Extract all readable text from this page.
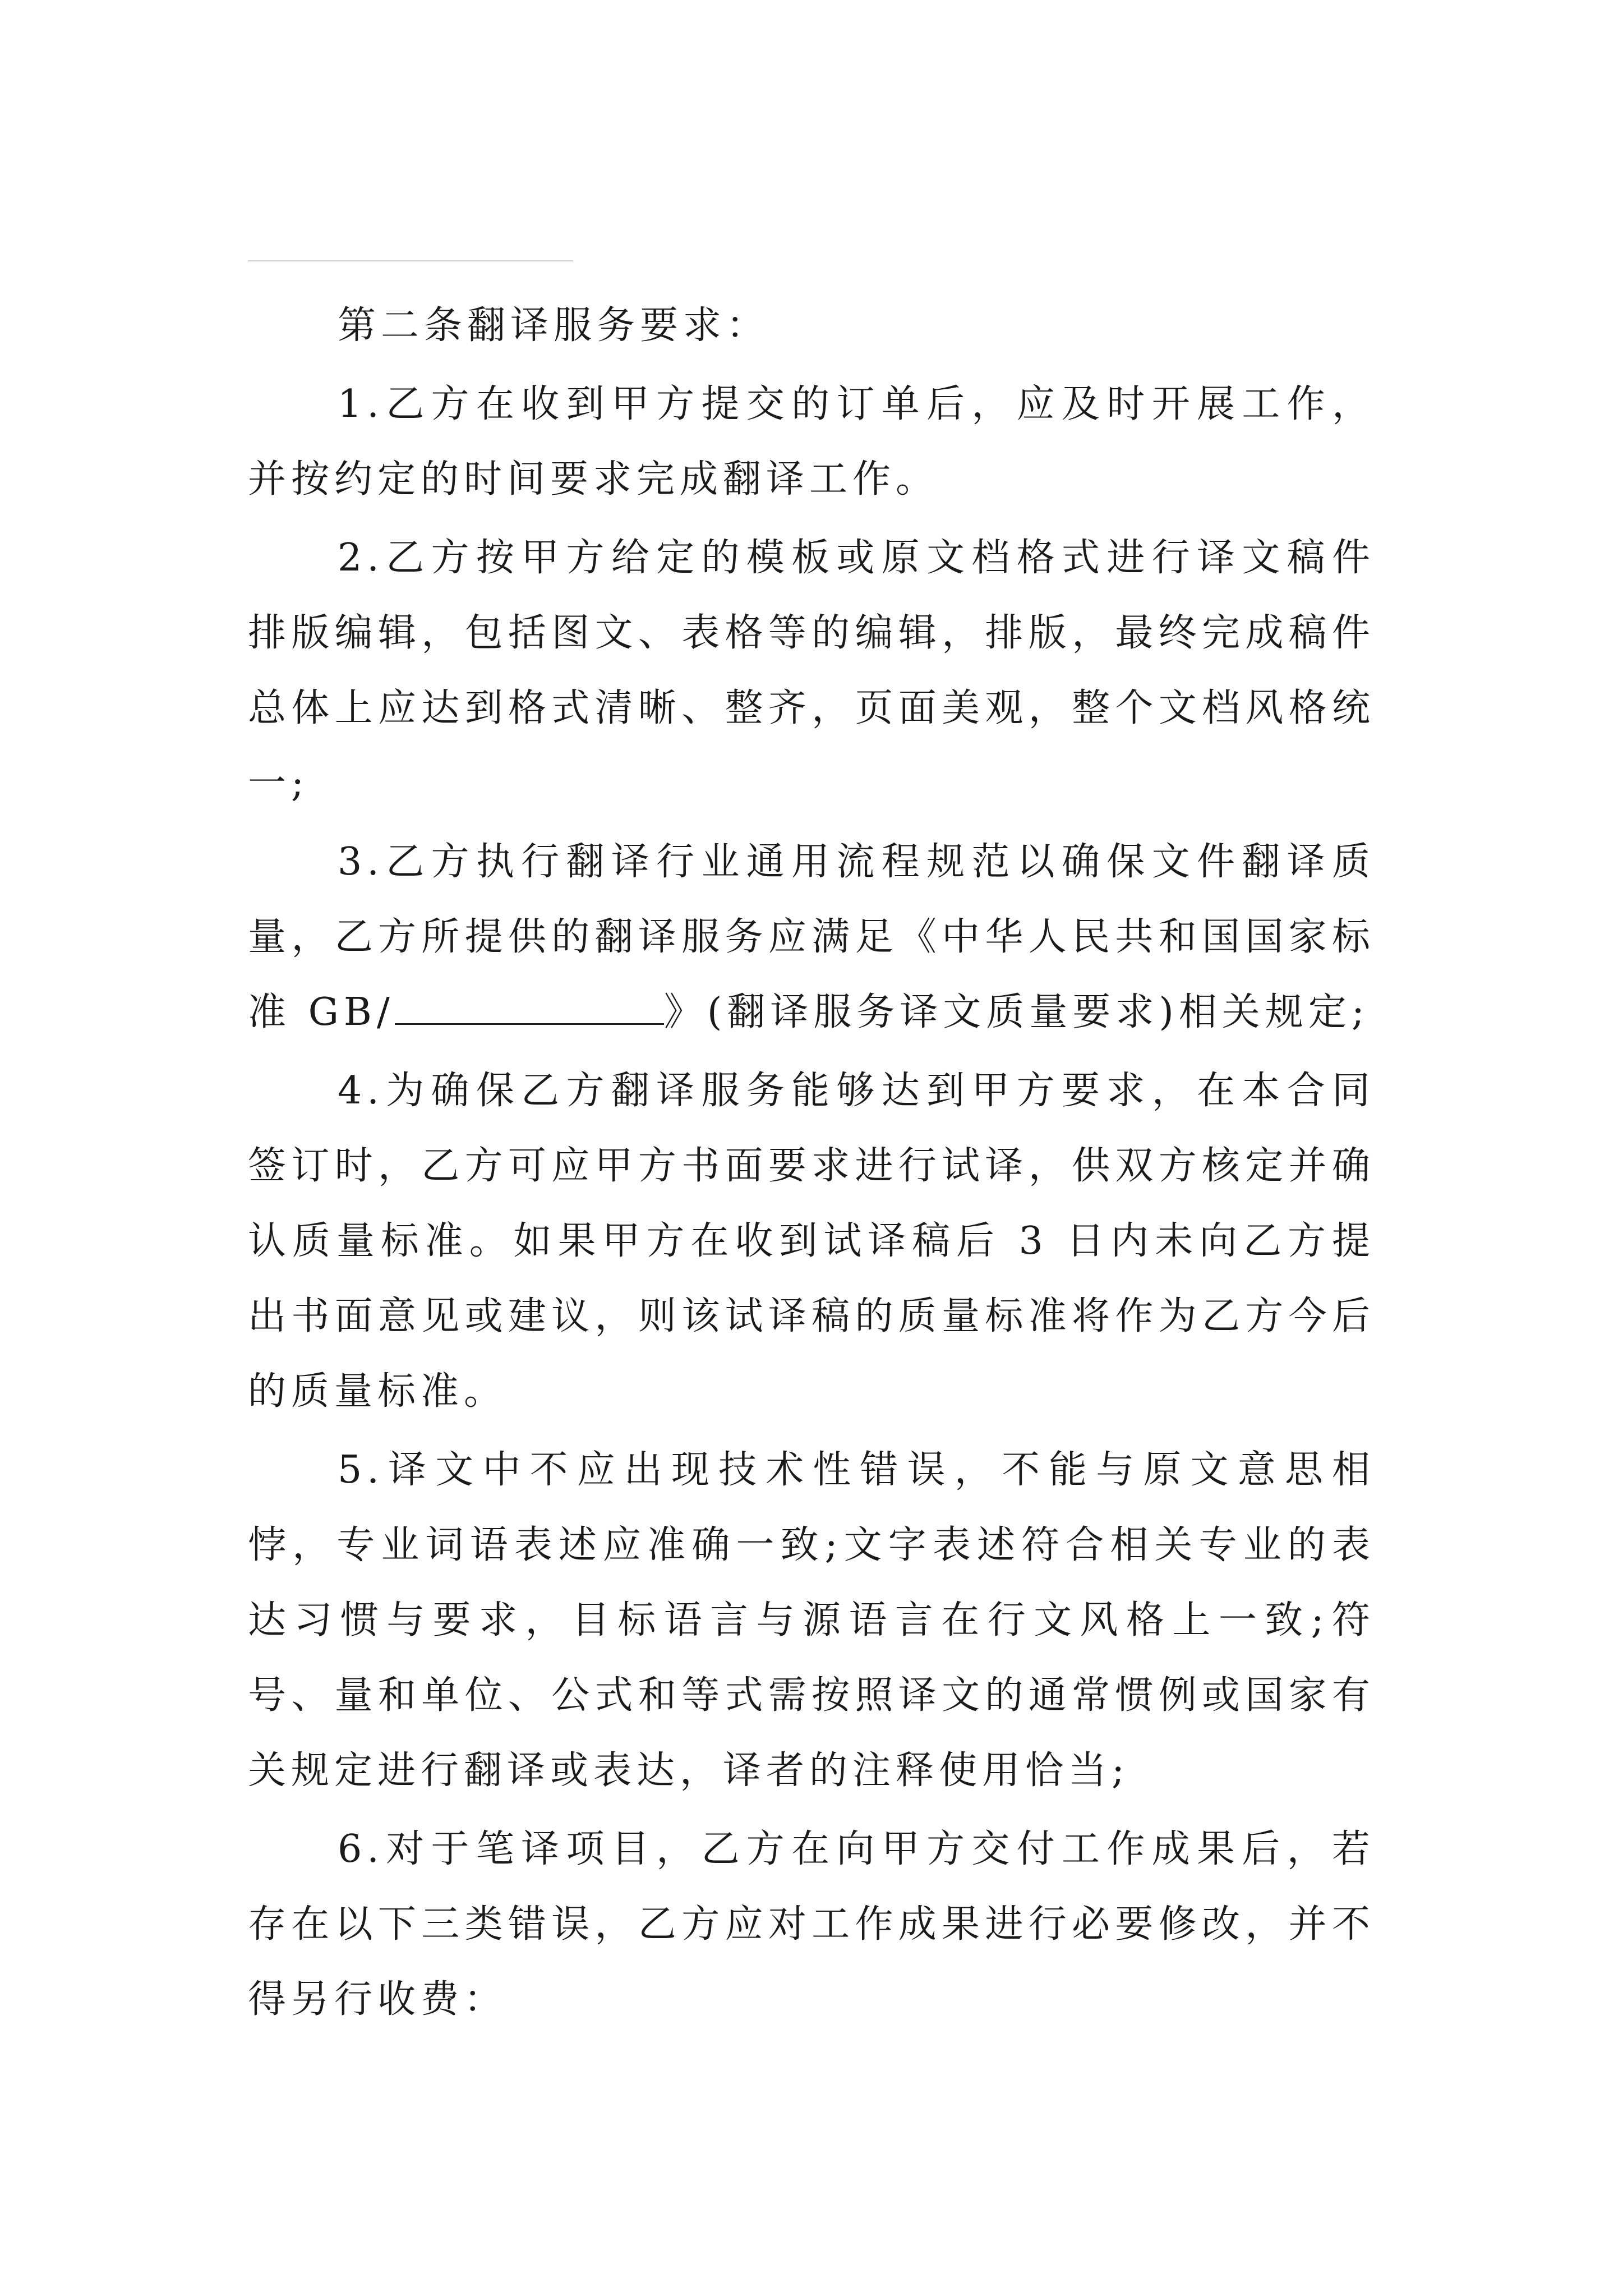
第二条翻译服务要求：

1.乙方在收到甲方提交的订单后，应及时开展工作，并按约定的时间要求完成翻译工作。

2.乙方按甲方给定的模板或原文档格式进行译文稿件排版编辑，包括图文、表格等的编辑，排版，最终完成稿件总体上应达到格式清晰、整齐，页面美观，整个文档风格统一;

3.乙方执行翻译行业通用流程规范以确保文件翻译质量，乙方所提供的翻译服务应满足《中华人民共和国国家标准 GB/	》(翻译服务译文质量要求)相关规定;

4.为确保乙方翻译服务能够达到甲方要求，在本合同签订时，乙方可应甲方书面要求进行试译，供双方核定并确认质量标准。如果甲方在收到试译稿后 3 日内未向乙方提出书面意见或建议，则该试译稿的质量标准将作为乙方今后的质量标准。

5.译文中不应出现技术性错误，不能与原文意思相悖，专业词语表述应准确一致;文字表述符合相关专业的表达习惯与要求，目标语言与源语言在行文风格上一致;符号、量和单位、公式和等式需按照译文的通常惯例或国家有关规定进行翻译或表达，译者的注释使用恰当;

6.对于笔译项目，乙方在向甲方交付工作成果后，若存在以下三类错误，乙方应对工作成果进行必要修改，并不得另行收费：
